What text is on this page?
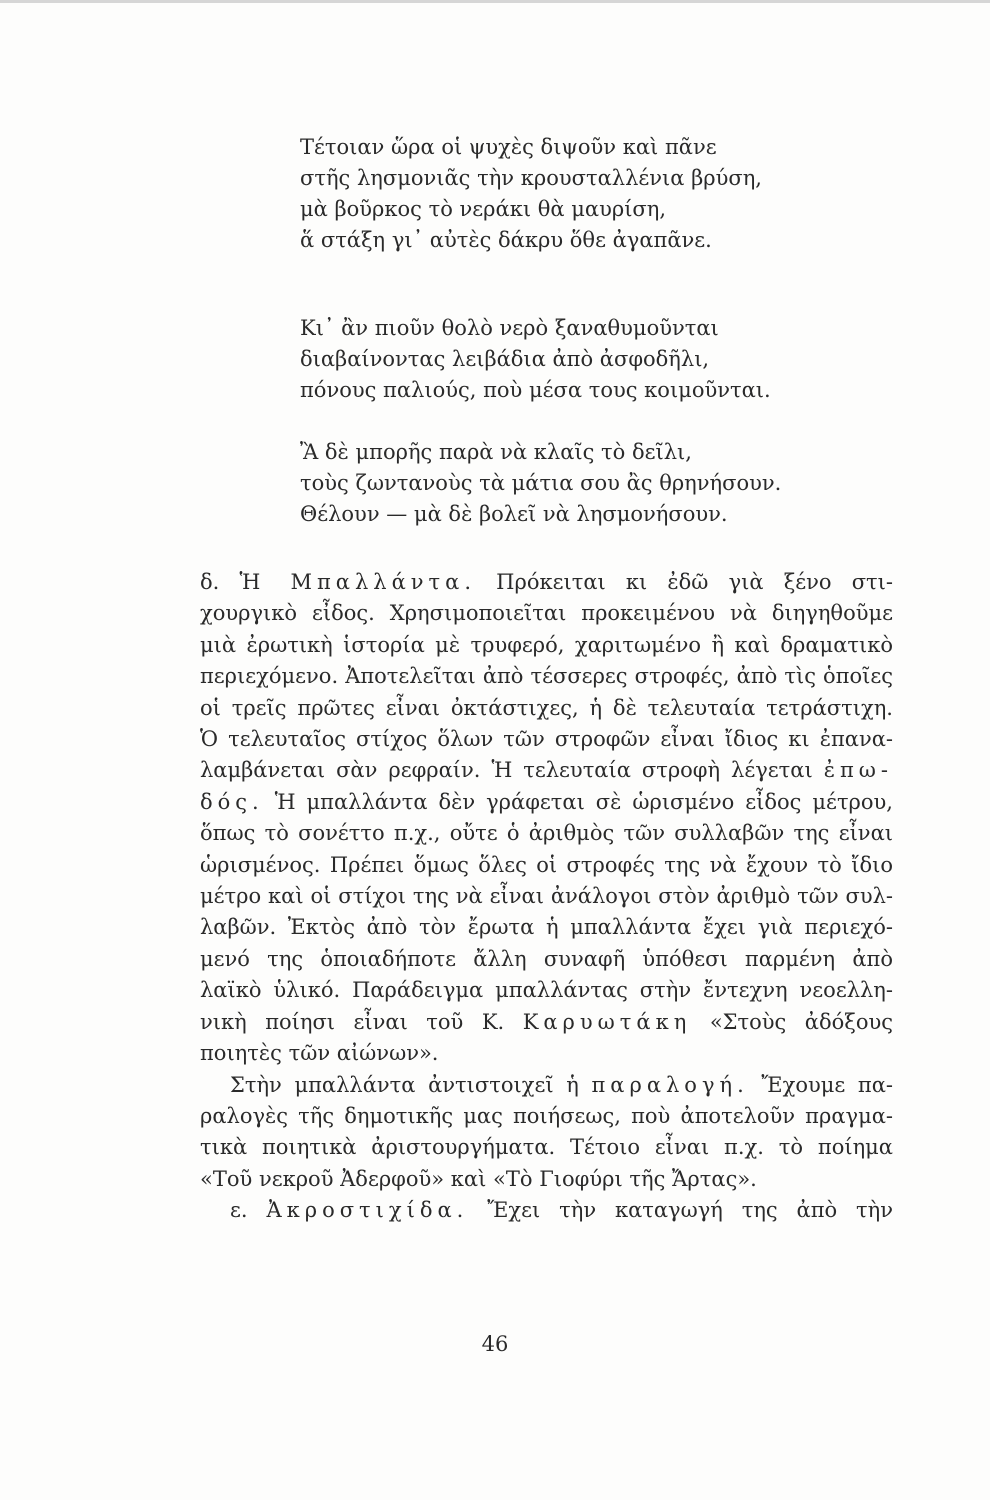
Τέτοιαν ὥρα οἱ ψυχὲς διψοῦν καὶ πᾶνε
στῆς λησμονιᾶς τὴν κρουσταλλένια βρύση,
μὰ βοῦρκος τὸ νεράκι θὰ μαυρίση,
ἅ στάξη γι᾽ αὐτὲς δάκρυ ὅθε ἀγαπᾶνε.
Κι᾽ ἂν πιοῦν θολὸ νερὸ ξαναθυμοῦνται
διαβαίνοντας λειβάδια ἀπὸ ἀσφοδῆλι,
πόνους παλιούς, ποὺ μέσα τους κοιμοῦνται.
Ἂ δὲ μπορῆς παρὰ νὰ κλαῖς τὸ δεῖλι,
τοὺς ζωντανοὺς τὰ μάτια σου ἂς θρηνήσουν.
Θέλουν — μὰ δὲ βολεῖ νὰ λησμονήσουν.
δ. Ἡ Μπαλλάντα. Πρόκειται κι ἐδῶ γιὰ ξένο στι-
χουργικὸ εἶδος. Χρησιμοποιεῖται προκειμένου νὰ διηγηθοῦμε
μιὰ ἐρωτικὴ ἱστορία μὲ τρυφερό, χαριτωμένο ἢ καὶ δραματικὸ
περιεχόμενο. Ἀποτελεῖται ἀπὸ τέσσερες στροφές, ἀπὸ τὶς ὁποῖες
οἱ τρεῖς πρῶτες εἶναι ὀκτάστιχες, ἡ δὲ τελευταία τετράστιχη.
Ὁ τελευταῖος στίχος ὅλων τῶν στροφῶν εἶναι ἴδιος κι ἐπανα-
λαμβάνεται σὰν ρεφραίν. Ἡ τελευταία στροφὴ λέγεται ἐπω-
δός. Ἡ μπαλλάντα δὲν γράφεται σὲ ὡρισμένο εἶδος μέτρου,
ὅπως τὸ σονέττο π.χ., οὔτε ὁ ἀριθμὸς τῶν συλλαβῶν της εἶναι
ὡρισμένος. Πρέπει ὅμως ὅλες οἱ στροφές της νὰ ἔχουν τὸ ἴδιο
μέτρο καὶ οἱ στίχοι της νὰ εἶναι ἀνάλογοι στὸν ἀριθμὸ τῶν συλ-
λαβῶν. Ἐκτὸς ἀπὸ τὸν ἔρωτα ἡ μπαλλάντα ἔχει γιὰ περιεχό-
μενό της ὁποιαδήποτε ἄλλη συναφῆ ὑπόθεσι παρμένη ἀπὸ
λαϊκὸ ὑλικό. Παράδειγμα μπαλλάντας στὴν ἔντεχνη νεοελλη-
νικὴ ποίησι εἶναι τοῦ Κ. Καρυωτάκη «Στοὺς ἀδόξους
ποιητὲς τῶν αἰώνων».
Στὴν μπαλλάντα ἀντιστοιχεῖ ἡ παραλογή. Ἔχουμε πα-
ραλογὲς τῆς δημοτικῆς μας ποιήσεως, ποὺ ἀποτελοῦν πραγμα-
τικὰ ποιητικὰ ἀριστουργήματα. Τέτοιο εἶναι π.χ. τὸ ποίημα
«Τοῦ νεκροῦ Ἀδερφοῦ» καὶ «Τὸ Γιοφύρι τῆς Ἄρτας».
ε. Ἀκροστιχίδα. Ἔχει τὴν καταγωγή της ἀπὸ τὴν
46
